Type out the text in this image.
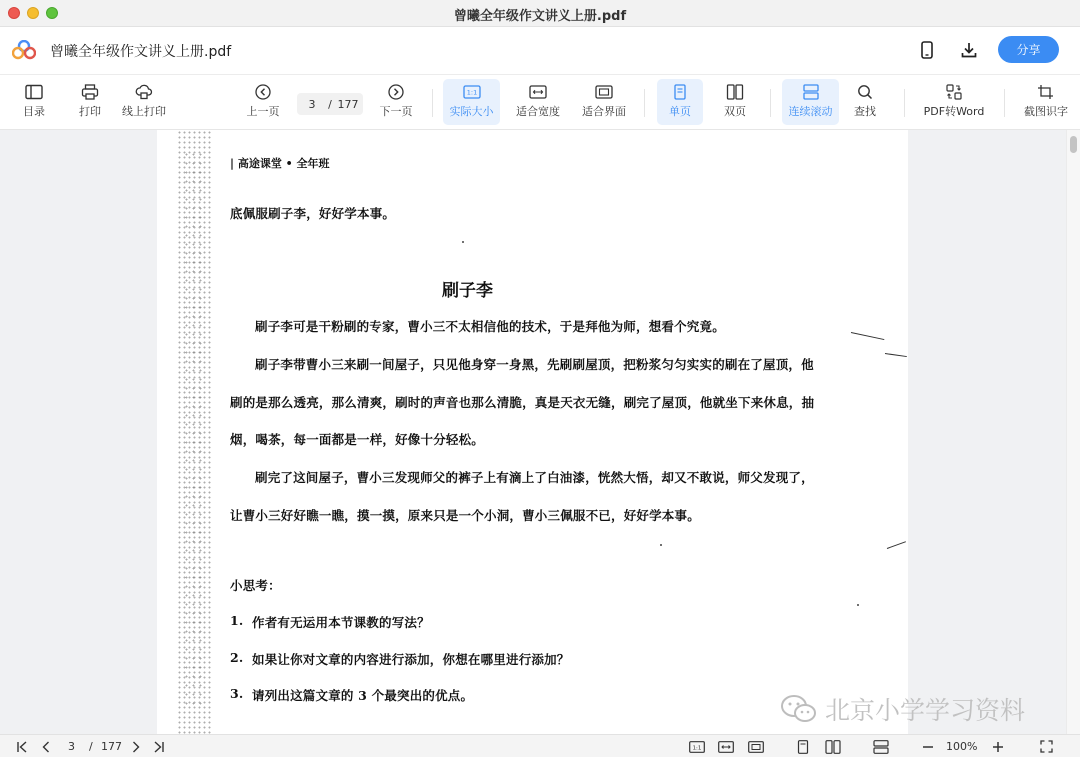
曾曦全年级作文讲义上册.pdf
曾曦全年级作文讲义上册.pdf	分享
目录	打印 线上打印	上一页
3	/ 177
下一页
1:1
实际大小 适合宽度 适合界面	单页	双页	连续滚动 查找	PDF转Word	截图识字
| 高途课堂 • 全年班
底佩服刷子李，好好学本事。
刷子李
刷子李可是干粉刷的专家，曹小三不太相信他的技术，于是拜他为师，想看个究竟。
刷子李带曹小三来刷一间屋子，只见他身穿一身黑，先刷刷屋顶，把粉浆匀匀实实的刷在了屋顶，他
刷的是那么透亮，那么清爽，刷时的声音也那么清脆，真是天衣无缝，刷完了屋顶，他就坐下来休息，抽
烟，喝茶，每一面都是一样，好像十分轻松。
刷完了这间屋子，曹小三发现师父的裤子上有滴上了白油漆，恍然大悟，却又不敢说，师父发现了，
让曹小三好好瞧一瞧，摸一摸，原来只是一个小洞，曹小三佩服不已，好好学本事。
小思考：
1. 作者有无运用本节课教的写法？
2. 如果让你对文章的内容进行添加，你想在哪里进行添加？
3. 请列出这篇文章的 3 个最突出的优点。
北京小学学习资料
3 / 177	1:1	100%
